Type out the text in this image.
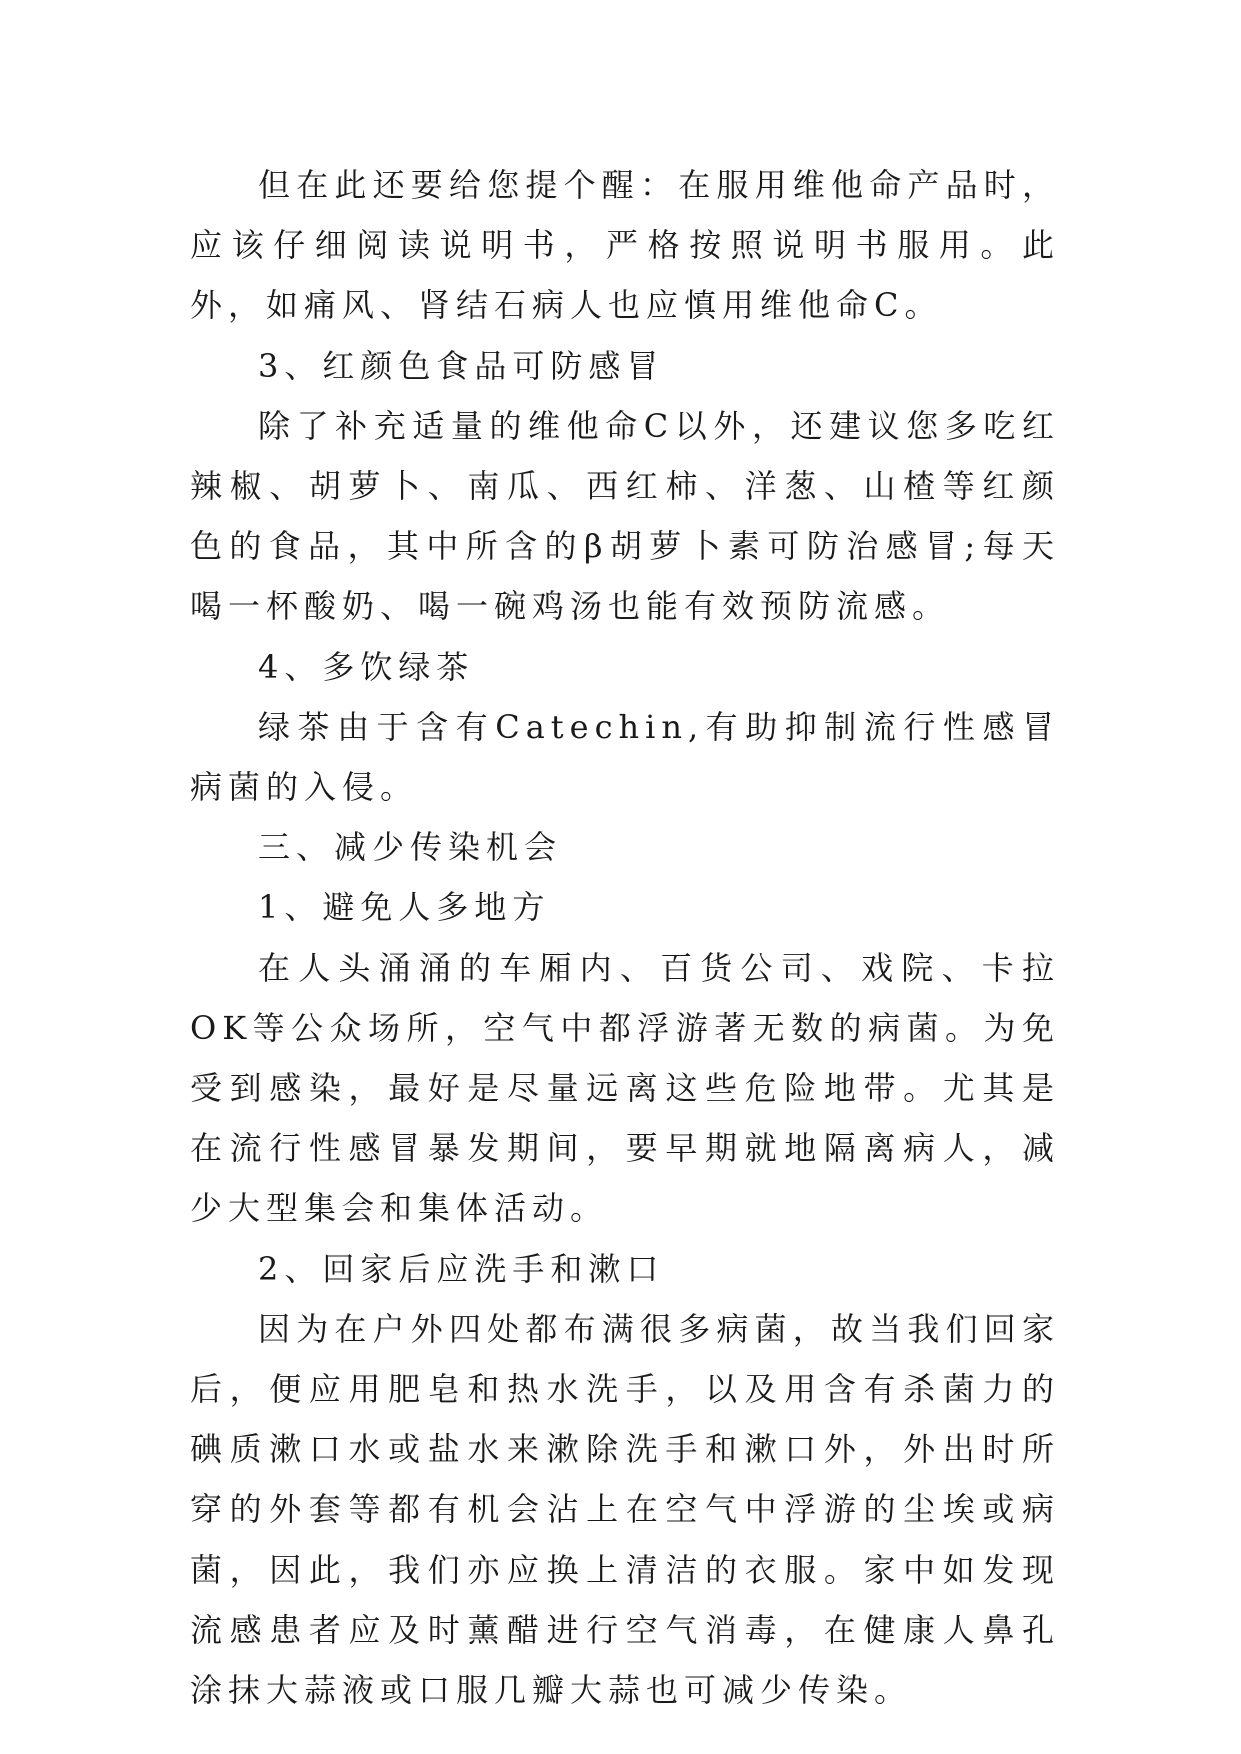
但在此还要给您提个醒：在服用维他命产品时，应该仔细阅读说明书，严格按照说明书服用。此外，如痛风、肾结石病人也应慎用维他命C。

3、红颜色食品可防感冒

除了补充适量的维他命C以外，还建议您多吃红辣椒、胡萝卜、南瓜、西红柿、洋葱、山楂等红颜色的食品，其中所含的β胡萝卜素可防治感冒;每天喝一杯酸奶、喝一碗鸡汤也能有效预防流感。

4、多饮绿茶

绿茶由于含有Catechin,有助抑制流行性感冒病菌的入侵。

三、减少传染机会

1、避免人多地方

在人头涌涌的车厢内、百货公司、戏院、卡拉OK等公众场所，空气中都浮游著无数的病菌。为免受到感染，最好是尽量远离这些危险地带。尤其是在流行性感冒暴发期间，要早期就地隔离病人，减少大型集会和集体活动。

2、回家后应洗手和漱口

因为在户外四处都布满很多病菌，故当我们回家后，便应用肥皂和热水洗手，以及用含有杀菌力的碘质漱口水或盐水来漱除洗手和漱口外，外出时所穿的外套等都有机会沾上在空气中浮游的尘埃或病菌，因此，我们亦应换上清洁的衣服。家中如发现流感患者应及时薰醋进行空气消毒，在健康人鼻孔涂抹大蒜液或口服几瓣大蒜也可减少传染。
